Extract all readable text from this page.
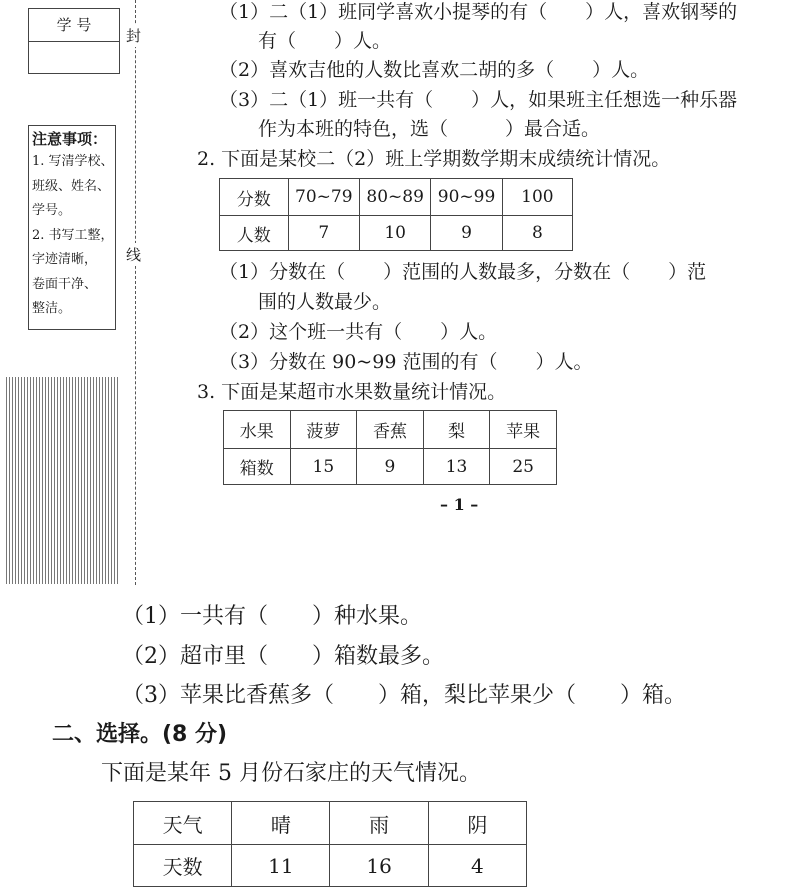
学 号
封
线
注意事项：
1. 写清学校、
班级、姓名、
学号。
2. 书写工整，
字迹清晰，
卷面干净、
整洁。
（1）二（1）班同学喜欢小提琴的有（　　）人，喜欢钢琴的
有（　　）人。
（2）喜欢吉他的人数比喜欢二胡的多（　　）人。
（3）二（1）班一共有（　　）人，如果班主任想选一种乐器
作为本班的特色，选（　　　）最合适。
2. 下面是某校二（2）班上学期数学期末成绩统计情况。
分数	70~79	80~89	90~99	100
人数	7	10	9	8
（1）分数在（　　）范围的人数最多，分数在（　　）范
围的人数最少。
（2）这个班一共有（　　）人。
（3）分数在 90~99 范围的有（　　）人。
3. 下面是某超市水果数量统计情况。
水果	菠萝	香蕉	梨	苹果
箱数	15	9	13	25
– 1 –
（1）一共有（　　）种水果。
（2）超市里（　　）箱数最多。
（3）苹果比香蕉多（　　）箱，梨比苹果少（　　）箱。
二、选择。(8 分)
下面是某年 5 月份石家庄的天气情况。
天气	晴	雨	阴
天数	11	16	4
